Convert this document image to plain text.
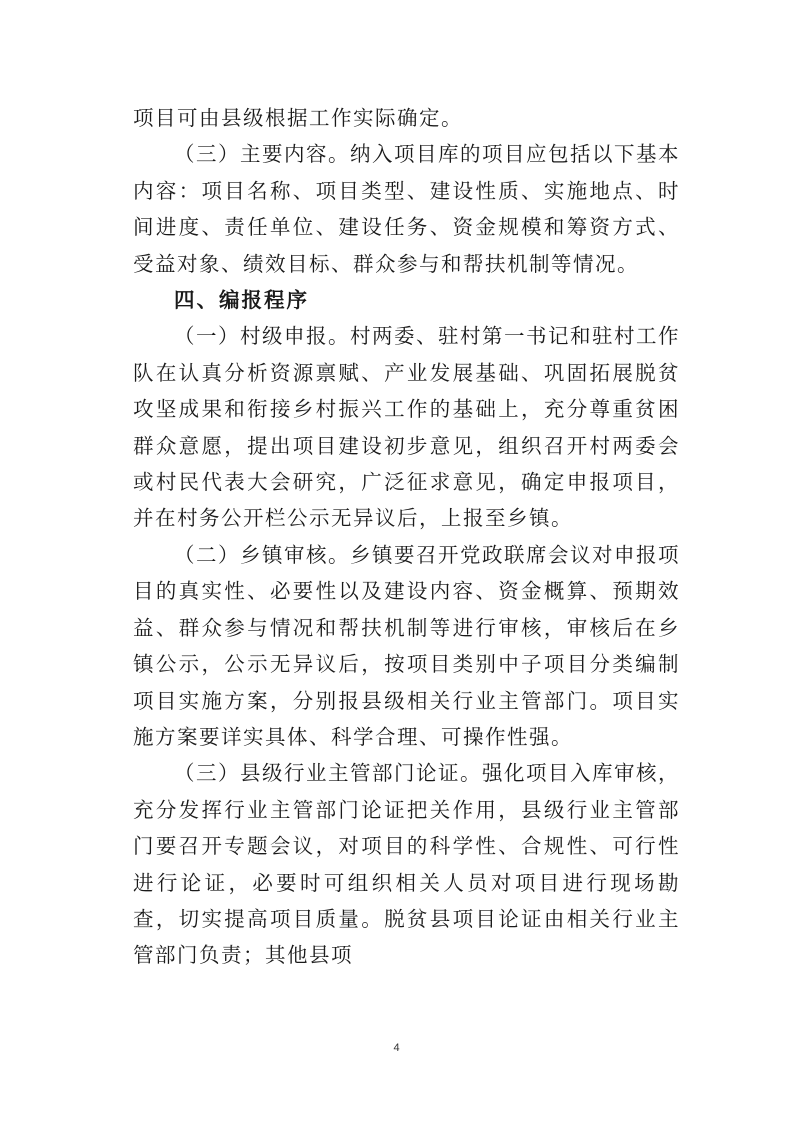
项目可由县级根据工作实际确定。

（三）主要内容。纳入项目库的项目应包括以下基本内容：项目名称、项目类型、建设性质、实施地点、时间进度、责任单位、建设任务、资金规模和筹资方式、受益对象、绩效目标、群众参与和帮扶机制等情况。

四、编报程序

（一）村级申报。村两委、驻村第一书记和驻村工作队在认真分析资源禀赋、产业发展基础、巩固拓展脱贫攻坚成果和衔接乡村振兴工作的基础上，充分尊重贫困群众意愿，提出项目建设初步意见，组织召开村两委会或村民代表大会研究，广泛征求意见，确定申报项目，并在村务公开栏公示无异议后，上报至乡镇。

（二）乡镇审核。乡镇要召开党政联席会议对申报项目的真实性、必要性以及建设内容、资金概算、预期效益、群众参与情况和帮扶机制等进行审核，审核后在乡镇公示，公示无异议后，按项目类别中子项目分类编制项目实施方案，分别报县级相关行业主管部门。项目实施方案要详实具体、科学合理、可操作性强。

（三）县级行业主管部门论证。强化项目入库审核，充分发挥行业主管部门论证把关作用，县级行业主管部门要召开专题会议，对项目的科学性、合规性、可行性进行论证，必要时可组织相关人员对项目进行现场勘查，切实提高项目质量。脱贫县项目论证由相关行业主管部门负责；其他县项

4
